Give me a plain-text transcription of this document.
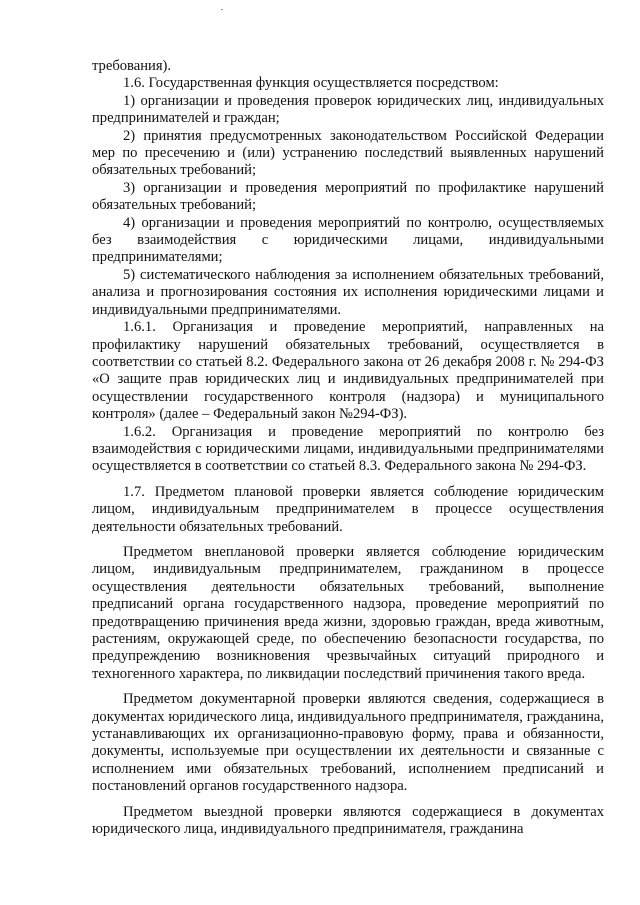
требования).

1.6. Государственная функция осуществляется посредством:

1) организации и проведения проверок юридических лиц, индивидуальных предпринимателей и граждан;

2) принятия предусмотренных законодательством Российской Федерации мер по пресечению и (или) устранению последствий выявленных нарушений обязательных требований;

3) организации и проведения мероприятий по профилактике нарушений обязательных требований;

4) организации и проведения мероприятий по контролю, осуществляемых без взаимодействия с юридическими лицами, индивидуальными предпринимателями;

5) систематического наблюдения за исполнением обязательных требований, анализа и прогнозирования состояния их исполнения юридическими лицами и индивидуальными предпринимателями.

1.6.1. Организация и проведение мероприятий, направленных на профилактику нарушений обязательных требований, осуществляется в соответствии со статьей 8.2. Федерального закона от 26 декабря 2008 г. № 294-ФЗ «О защите прав юридических лиц и индивидуальных предпринимателей при осуществлении государственного контроля (надзора) и муниципального контроля» (далее – Федеральный закон №294-ФЗ).

1.6.2. Организация и проведение мероприятий по контролю без взаимодействия с юридическими лицами, индивидуальными предпринимателями осуществляется в соответствии со статьей 8.3. Федерального закона № 294-ФЗ.

1.7. Предметом плановой проверки является соблюдение юридическим лицом, индивидуальным предпринимателем в процессе осуществления деятельности обязательных требований.

Предметом внеплановой проверки является соблюдение юридическим лицом, индивидуальным предпринимателем, гражданином в процессе осуществления деятельности обязательных требований, выполнение предписаний органа государственного надзора, проведение мероприятий по предотвращению причинения вреда жизни, здоровью граждан, вреда животным, растениям, окружающей среде, по обеспечению безопасности государства, по предупреждению возникновения чрезвычайных ситуаций природного и техногенного характера, по ликвидации последствий причинения такого вреда.

Предметом документарной проверки являются сведения, содержащиеся в документах юридического лица, индивидуального предпринимателя, гражданина, устанавливающих их организационно-правовую форму, права и обязанности, документы, используемые при осуществлении их деятельности и связанные с исполнением ими обязательных требований, исполнением предписаний и постановлений органов государственного надзора.

Предметом выездной проверки являются содержащиеся в документах юридического лица, индивидуального предпринимателя, гражданина
